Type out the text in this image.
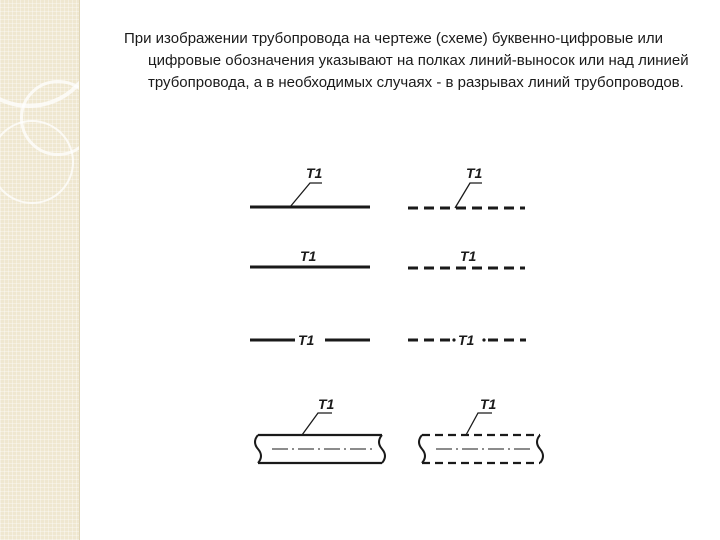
При изображении трубопровода на чертеже (схеме) буквенно-цифровые или цифровые обозначения указывают на полках линий-выносок или над линией трубопровода, а в необходимых случаях - в разрывах линий трубопроводов.

T1	T1
T1	T1
T1	T1
T1	T1
